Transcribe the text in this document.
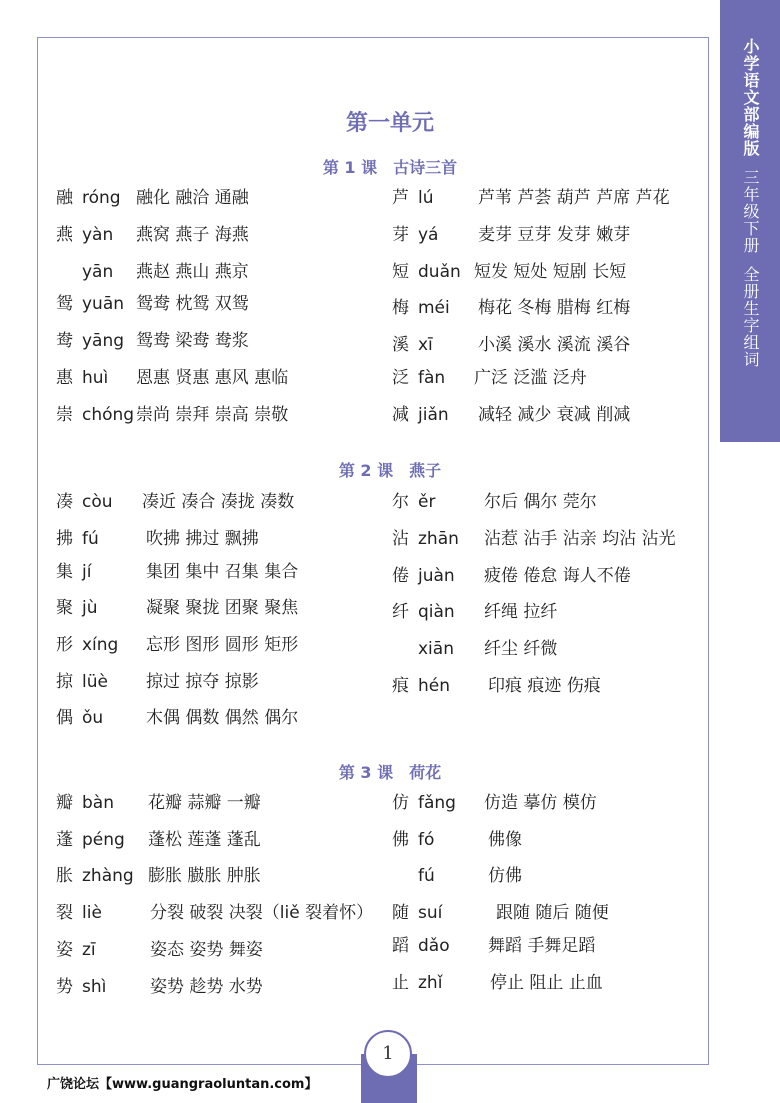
小学语文部编版
三年级下册
全册生字组词
第一单元
第 1 课　古诗三首
第 2 课　燕子
第 3 课　荷花
融 róng 融化 融洽 通融
燕 yàn 燕窝 燕子 海燕
yān 燕赵 燕山 燕京
鸳 yuān 鸳鸯 枕鸳 双鸳
鸯 yāng 鸳鸯 梁鸯 鸯浆
惠 huì 恩惠 贤惠 惠风 惠临
崇 chóng 崇尚 崇拜 崇高 崇敬
芦 lú	芦苇 芦荟 葫芦 芦席 芦花
芽 yá 麦芽 豆芽 发芽 嫩芽
短 duǎn 短发 短处 短剧 长短
梅 méi 梅花 冬梅 腊梅 红梅
溪 xī	小溪 溪水 溪流 溪谷
泛 fàn 广泛 泛滥 泛舟
减 jiǎn 减轻 减少 衰减 削减
凑 còu 凑近 凑合 凑拢 凑数
拂 fú	吹拂 拂过 飘拂
集 jí	集团 集中 召集 集合
聚 jù	凝聚 聚拢 团聚 聚焦
形 xíng 忘形 图形 圆形 矩形
掠 lüè 掠过 掠夺 掠影
偶 ǒu	木偶 偶数 偶然 偶尔
尔 ěr	尔后 偶尔 莞尔
沾 zhān 沾惹 沾手 沾亲 均沾 沾光
倦 juàn 疲倦 倦怠 诲人不倦
纤 qiàn 纤绳 拉纤
xiān 纤尘 纤微
痕 hén 印痕 痕迹 伤痕
瓣 bàn 花瓣 蒜瓣 一瓣
蓬 péng 蓬松 莲蓬 蓬乱
胀 zhàng 膨胀 臌胀 肿胀
裂 liè	分裂 破裂 决裂（liě 裂着怀）
姿 zī	姿态 姿势 舞姿
势 shì	姿势 趁势 水势
仿 fǎng 仿造 摹仿 模仿
佛 fó	佛像
fú	仿佛
随 suí	跟随 随后 随便
蹈 dǎo 舞蹈 手舞足蹈
止 zhǐ	停止 阻止 止血
1
广饶论坛【www.guangraoluntan.com】
